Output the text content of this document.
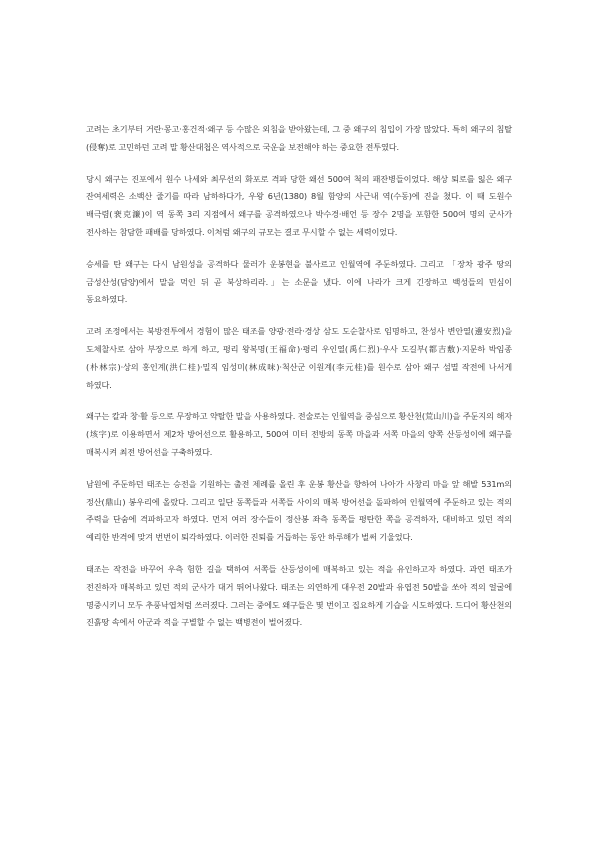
고려는 초기부터 거란·몽고·홍건적·왜구 등 수많은 외침을 받아왔는데, 그 중 왜구의 침입이 가장 많았다. 특히 왜구의 침탈(侵奪)로 고민하던 고려 말 황산대첩은 역사적으로 국운을 보전해야 하는 중요한 전투였다.

당시 왜구는 진포에서 원수 나세와 최무선의 화포로 격파 당한 왜선 500여 척의 패잔병들이었다. 해상 퇴로를 잃은 왜구 잔여세력은 소백산 줄기를 따라 남하하다가, 우왕 6년(1380) 8월 함양의 사근내 역(수동)에 진을 쳤다. 이 때 도원수 배극렴(裵克濂)이 역 동쪽 3리 지점에서 왜구를 공격하였으나 박수경·배언 등 장수 2명을 포함한 500여 명의 군사가 전사하는 참담한 패배를 당하였다. 이처럼 왜구의 규모는 결코 무시할 수 없는 세력이었다.

승세를 탄 왜구는 다시 남원성을 공격하다 물러가 운봉현을 불사르고 인월역에 주둔하였다. 그리고 「장차 광주 땅의 금성산성(담양)에서 말을 먹인 뒤 곧 북상하리라.」는 소문을 냈다. 이에 나라가 크게 긴장하고 백성들의 민심이 동요하였다.

고려 조정에서는 북방전투에서 경험이 많은 태조를 양광·전라·경상 삼도 도순찰사로 임명하고, 찬성사 변안열(邊安烈)을 도체찰사로 삼아 부장으로 하게 하고, 평리 왕복명(王福命)·평리 우인열(禹仁烈)·우사 도길부(都吉敷)·지문하 박임종(朴林宗)·상의 홍인계(洪仁桂)·밀직 임성미(林成味)·척산군 이원계(李元桂)를 원수로 삼아 왜구 섬멸 작전에 나서게 하였다.

왜구는 칼과 창·활 등으로 무장하고 약탈한 말을 사용하였다. 전술로는 인월역을 중심으로 황산천(荒山川)을 주둔지의 해자(垓字)로 이용하면서 제2차 방어선으로 활용하고, 500여 미터 전방의 동쪽 마을과 서쪽 마을의 양쪽 산등성이에 왜구를 매복시켜 최전 방어선을 구축하였다.

남원에 주둔하던 태조는 승전을 기원하는 출전 제례를 올린 후 운봉 황산을 향하여 나아가 사창리 마을 앞 해발 531m의 정산(鼎山) 봉우리에 올랐다. 그리고 일단 동쪽들과 서쪽들 사이의 매복 방어선을 돌파하여 인월역에 주둔하고 있는 적의 주력을 단숨에 격파하고자 하였다. 먼저 여러 장수들이 정산봉 좌측 동쪽들 평탄한 쪽을 공격하자, 대비하고 있던 적의 예리한 반격에 맞겨 번번이 퇴각하였다. 이러한 진퇴를 거듭하는 동안 하루해가 벌써 기울었다.

태조는 작전을 바꾸어 우측 험한 길을 택하여 서쪽들 산등성이에 매복하고 있는 적을 유인하고자 하였다. 과연 태조가 전진하자 매복하고 있던 적의 군사가 대거 뛰어나왔다. 태조는 의연하게 대우전 20발과 유엽전 50발을 쏘아 적의 얼굴에 명중시키니 모두 추풍낙엽처럼 쓰러졌다. 그러는 중에도 왜구들은 몇 번이고 집요하게 기습을 시도하였다. 드디어 황산천의 진흙땅 속에서 아군과 적을 구별할 수 없는 백병전이 벌어졌다.
